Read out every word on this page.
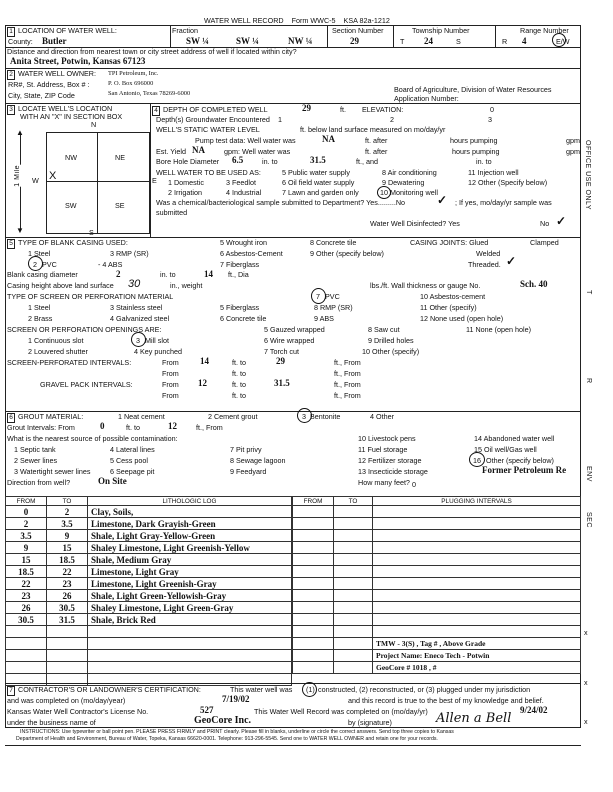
WATER WELL RECORD Form WWC-5 KSA 82a-1212
1 LOCATION OF WATER WELL:
County: Butler
Fraction
SW ¼	SW ¼	NW ¼
Section Number
29
Township Number
T 24	S
Range Number
R 4	E/W
Distance and direction from nearest town or city street address of well if located within city?
Anita Street, Potwin, Kansas 67123
2 WATER WELL OWNER: TPI Petroleum, Inc.
RR#, St. Address, Box # :	P. O. Box 696000
City, State, ZIP Code	San Antonio, Texas 78269-6000	Board of Agriculture, Division of Water Resources
Application Number:
3 LOCATE WELL'S LOCATION
WITH AN "X" IN SECTION BOX
N
W	E
S
NW	NE
SW	SE
X
▲
▼
1 Mile
4 DEPTH OF COMPLETED WELL	29	ft. ELEVATION:	0
Depth(s) Groundwater Encountered 1	2	3
WELL'S STATIC WATER LEVEL	ft. below land surface measured on mo/day/yr
Pump test data: Well water was	NA	ft. after	hours pumping	gpm
Est. Yield NA	gpm: Well water was	ft. after	hours pumping	gpm
Bore Hole Diameter 6.5	in. to	31.5	ft., and	in. to
WELL WATER TO BE USED AS:	5 Public water supply	8 Air conditioning	11 Injection well
1 Domestic	3 Feedlot	6 Oil field water supply	9 Dewatering	12 Other (Specify below)
2 Irrigation	4 Industrial	7 Lawn and garden only	10 Monitoring well
Was a chemical/bacteriological sample submitted to Department? Yes.........No	✓ ; If yes, mo/day/yr sample was
submitted
Water Well Disinfected? Yes	No ✓
5 TYPE OF BLANK CASING USED:	5 Wrought iron	8 Concrete tile	CASING JOINTS: Glued	Clamped
1 Steel	3 RMP (SR)	6 Asbestos-Cement	9 Other (specify below)	Welded
2 PVC	- 4 ABS	7 Fiberglass	Threaded. ✓
Blank casing diameter	2	in. to	14 ft., Dia
Casing height above land surface 30	in., weight	lbs./ft. Wall thickness or gauge No.	Sch. 40
TYPE OF SCREEN OR PERFORATION MATERIAL	7 PVC	10 Asbestos-cement
1 Steel	3 Stainless steel	5 Fiberglass	8 RMP (SR)	11 Other (specify)
2 Brass	4 Galvanized steel	6 Concrete tile	9 ABS	12 None used (open hole)
SCREEN OR PERFORATION OPENINGS ARE:	5 Gauzed wrapped	8 Saw cut	11 None (open hole)
1 Continuous slot	3 Mill slot	6 Wire wrapped	9 Drilled holes
2 Louvered shutter	4 Key punched	7 Torch cut	10 Other (specify)
SCREEN-PERFORATED INTERVALS:	From 14	ft. to	29	ft., From
From	ft. to	ft., From
GRAVEL PACK INTERVALS:	From 12	ft. to	31.5	ft., From
From	ft. to	ft., From
6 GROUT MATERIAL:	1 Neat cement	2 Cement grout	3 Bentonite	4 Other
Grout Intervals: From	0	ft. to	12	ft., From
What is the nearest source of possible contamination:	10 Livestock pens	14 Abandoned water well
1 Septic tank	4 Lateral lines	7 Pit privy	11 Fuel storage	15 Oil well/Gas well
2 Sewer lines	5 Cess pool	8 Sewage lagoon	12 Fertilizer storage	16 Other (specify below)
3 Watertight sewer lines	6 Seepage pit	9 Feedyard	13 Insecticide storage	Former Petroleum Re
Direction from well?	On Site	How many feet? 0
FROM	TO	LITHOLOGIC LOG
0	2	Clay, Soils,
2	3.5	Limestone, Dark Grayish-Green
3.5	9	Shale, Light Gray-Yellow-Green
9	15	Shaley Limestone, Light Greenish-Yellow
15	18.5	Shale, Medium Gray
18.5	22	Limestone, Light Gray
22	23	Limestone, Light Greenish-Gray
23	26	Shale, Light Green-Yellowish-Gray
26	30.5	Shaley Limestone, Light Green-Gray
30.5	31.5	Shale, Brick Red

FROM	TO	PLUGGING INTERVALS

		TMW - 3(S) , Tag # , Above Grade
		Project Name: Eneco Tech - Potwin
		GeoCore # 1018 , #
7 CONTRACTOR'S OR LANDOWNER'S CERTIFICATION:	This water well was (1) constructed, (2) reconstructed, or (3) plugged under my jurisdiction
and was completed on (mo/day/year)	7/19/02	and this record is true to the best of my knowledge and belief.
Kansas Water Well Contractor's License No.	527	This Water Well Record was completed on (mo/day/yr)	9/24/02
under the business name of	GeoCore Inc.	by (signature)	Allen a Bell
INSTRUCTIONS: Use typewriter or ball point pen. PLEASE PRESS FIRMLY and PRINT clearly. Please fill in blanks, underline or circle the correct answers. Send top three copies to Kansas
Department of Health and Environment, Bureau of Water, Topeka, Kansas 66620-0001. Telephone: 913-296-5545. Send one to WATER WELL OWNER and retain one for your records.
OFFICE USE ONLY
T
R
ENV
SEC
x
x
x
